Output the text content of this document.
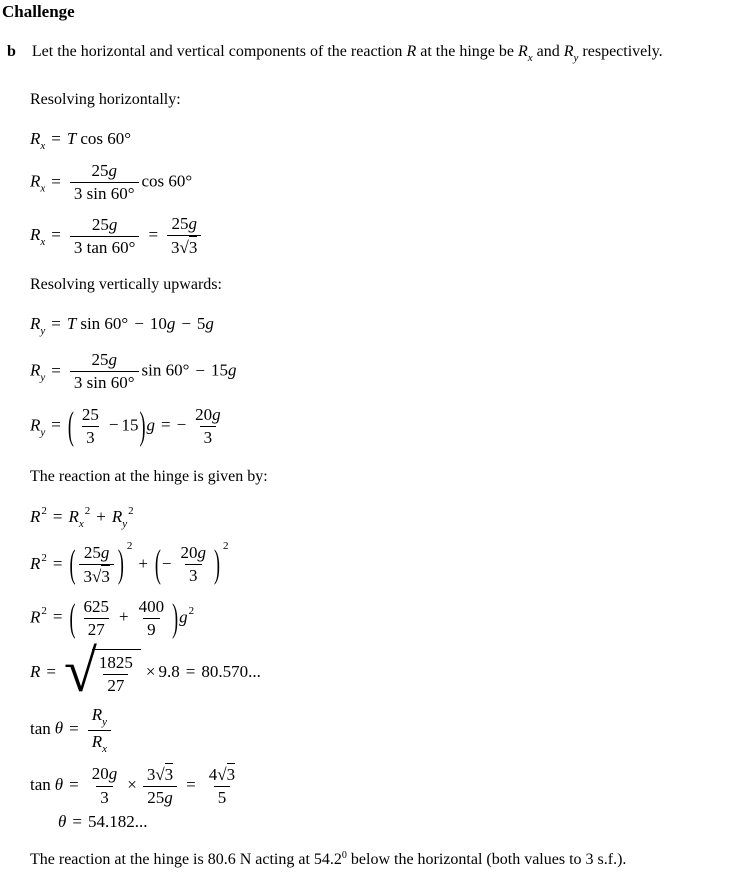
Challenge

b Let the horizontal and vertical components of the reaction R at the hinge be $R_x$ and $R_y$ respectively.

Resolving horizontally:

$R_x = T$ cos 60°

$R_x = \frac{25g}{3 \sin 60^\circ}$ cos 60°

$R_x = \frac{25g}{3 \tan 60^\circ} = \frac{25g}{3√3}$

Resolving vertically upwards:

$R_y = T$ sin 60° − 10g − 5g

$R_y = \frac{25g}{3 \sin 60^\circ}$ sin 60° − 15g

$R_y$ = ( $\frac{25}{3} - 15)g$ = − $\frac{20g}{3}$

The reaction at the hinge is given by:

$R^2 = R_x^2 + R_y^2$

$R^2$ = ( $\frac{25g}{3√3}$ ) $^2$+ (− $\frac{20g}{3}$ ) $^2$

$R^2$ = ( $\frac{625}{27} + \frac{400}{9} )g^2$

R = √
$\frac{1825}{27} \times 9.8 = 80.570$...

$\tan \theta = \frac{R_y}{R_x}$

$\tan \theta = \frac{20g}{3} \times \frac{3√3}{25g} = \frac{4√3}{5}$

θ = 54.182...

The reaction at the hinge is 80.6 N acting at 54.2$^0$ below the horizontal (both values to 3 s.f.).
